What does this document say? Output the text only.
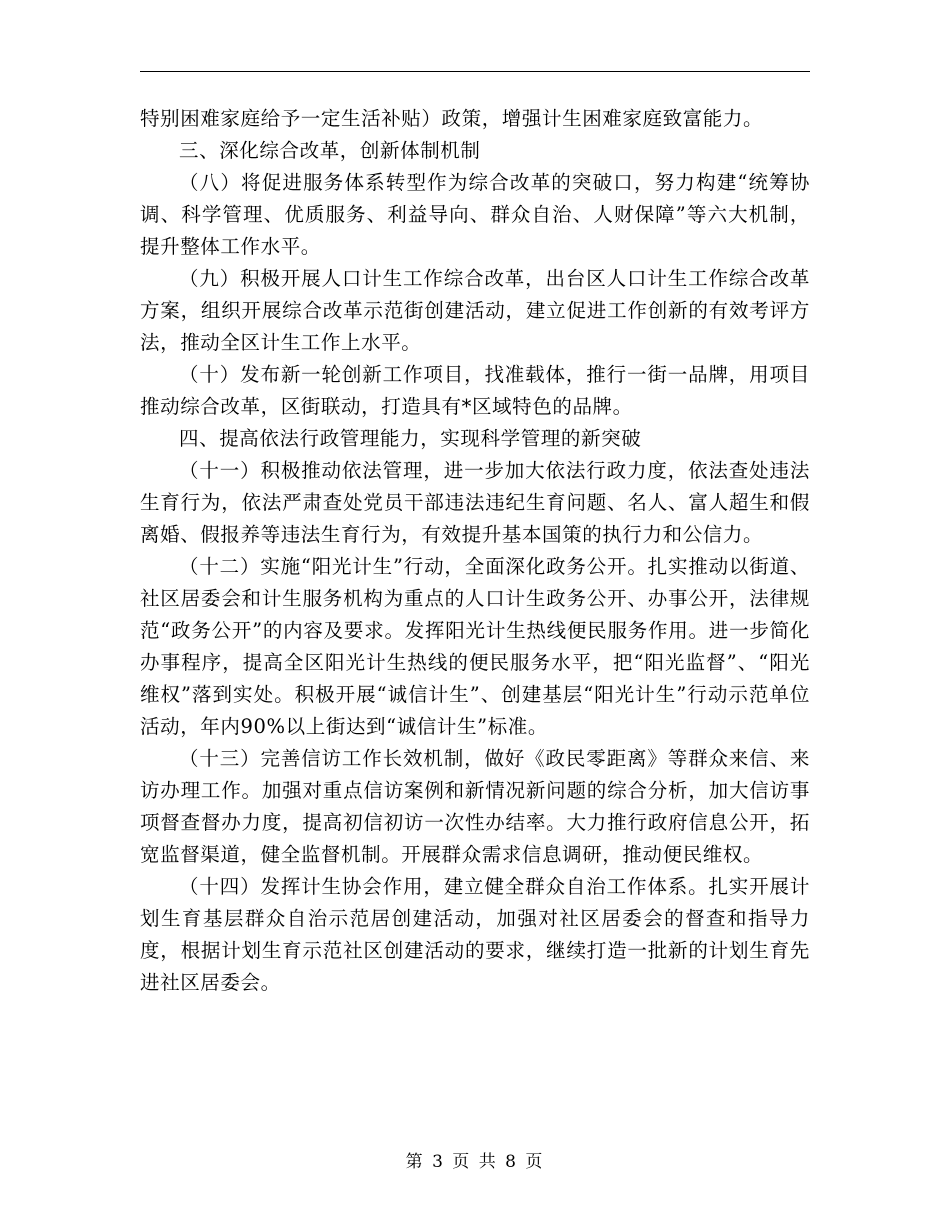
特别困难家庭给予一定生活补贴）政策，增强计生困难家庭致富能力。

三、深化综合改革，创新体制机制

（八）将促进服务体系转型作为综合改革的突破口，努力构建“统筹协调、科学管理、优质服务、利益导向、群众自治、人财保障”等六大机制，提升整体工作水平。

（九）积极开展人口计生工作综合改革，出台区人口计生工作综合改革方案，组织开展综合改革示范街创建活动，建立促进工作创新的有效考评方法，推动全区计生工作上水平。

（十）发布新一轮创新工作项目，找准载体，推行一街一品牌，用项目推动综合改革，区街联动，打造具有*区域特色的品牌。

四、提高依法行政管理能力，实现科学管理的新突破

（十一）积极推动依法管理，进一步加大依法行政力度，依法查处违法生育行为，依法严肃查处党员干部违法违纪生育问题、名人、富人超生和假离婚、假报养等违法生育行为，有效提升基本国策的执行力和公信力。

（十二）实施“阳光计生”行动，全面深化政务公开。扎实推动以街道、社区居委会和计生服务机构为重点的人口计生政务公开、办事公开，法律规范“政务公开”的内容及要求。发挥阳光计生热线便民服务作用。进一步简化办事程序，提高全区阳光计生热线的便民服务水平，把“阳光监督”、“阳光维权”落到实处。积极开展“诚信计生”、创建基层“阳光计生”行动示范单位活动，年内90%以上街达到“诚信计生”标准。

（十三）完善信访工作长效机制，做好《政民零距离》等群众来信、来访办理工作。加强对重点信访案例和新情况新问题的综合分析，加大信访事项督查督办力度，提高初信初访一次性办结率。大力推行政府信息公开，拓宽监督渠道，健全监督机制。开展群众需求信息调研，推动便民维权。

（十四）发挥计生协会作用，建立健全群众自治工作体系。扎实开展计划生育基层群众自治示范居创建活动，加强对社区居委会的督查和指导力度，根据计划生育示范社区创建活动的要求，继续打造一批新的计划生育先进社区居委会。

第 3 页 共 8 页
